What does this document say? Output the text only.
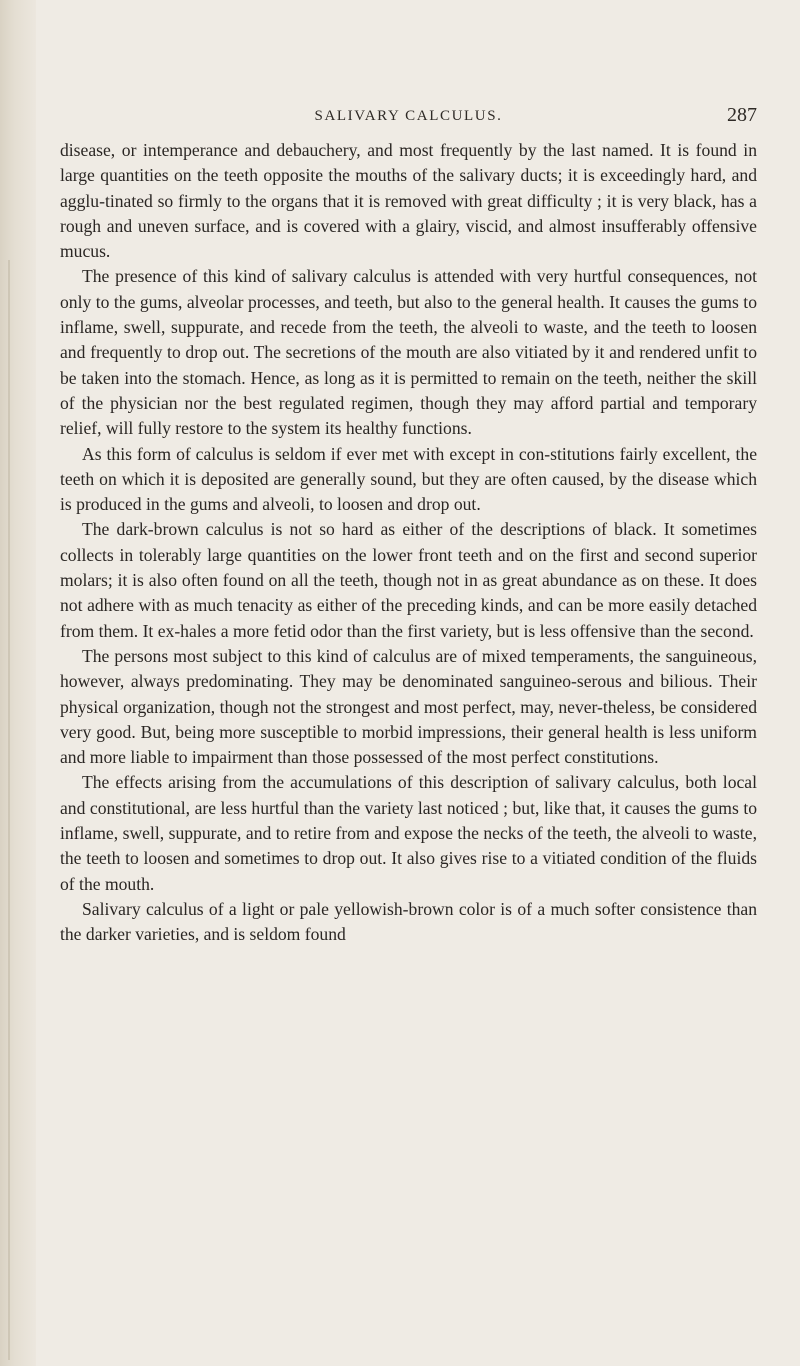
SALIVARY CALCULUS.	287

disease, or intemperance and debauchery, and most frequently by the last named. It is found in large quantities on the teeth opposite the mouths of the salivary ducts; it is exceedingly hard, and agglu-tinated so firmly to the organs that it is removed with great difficulty ; it is very black, has a rough and uneven surface, and is covered with a glairy, viscid, and almost insufferably offensive mucus.

The presence of this kind of salivary calculus is attended with very hurtful consequences, not only to the gums, alveolar processes, and teeth, but also to the general health. It causes the gums to inflame, swell, suppurate, and recede from the teeth, the alveoli to waste, and the teeth to loosen and frequently to drop out. The secretions of the mouth are also vitiated by it and rendered unfit to be taken into the stomach. Hence, as long as it is permitted to remain on the teeth, neither the skill of the physician nor the best regulated regimen, though they may afford partial and temporary relief, will fully restore to the system its healthy functions.

As this form of calculus is seldom if ever met with except in con-stitutions fairly excellent, the teeth on which it is deposited are generally sound, but they are often caused, by the disease which is produced in the gums and alveoli, to loosen and drop out.

The dark-brown calculus is not so hard as either of the descriptions of black. It sometimes collects in tolerably large quantities on the lower front teeth and on the first and second superior molars; it is also often found on all the teeth, though not in as great abundance as on these. It does not adhere with as much tenacity as either of the preceding kinds, and can be more easily detached from them. It ex-hales a more fetid odor than the first variety, but is less offensive than the second.

The persons most subject to this kind of calculus are of mixed temperaments, the sanguineous, however, always predominating. They may be denominated sanguineo-serous and bilious. Their physical organization, though not the strongest and most perfect, may, never-theless, be considered very good. But, being more susceptible to morbid impressions, their general health is less uniform and more liable to impairment than those possessed of the most perfect constitutions.

The effects arising from the accumulations of this description of salivary calculus, both local and constitutional, are less hurtful than the variety last noticed ; but, like that, it causes the gums to inflame, swell, suppurate, and to retire from and expose the necks of the teeth, the alveoli to waste, the teeth to loosen and sometimes to drop out. It also gives rise to a vitiated condition of the fluids of the mouth.

Salivary calculus of a light or pale yellowish-brown color is of a much softer consistence than the darker varieties, and is seldom found
